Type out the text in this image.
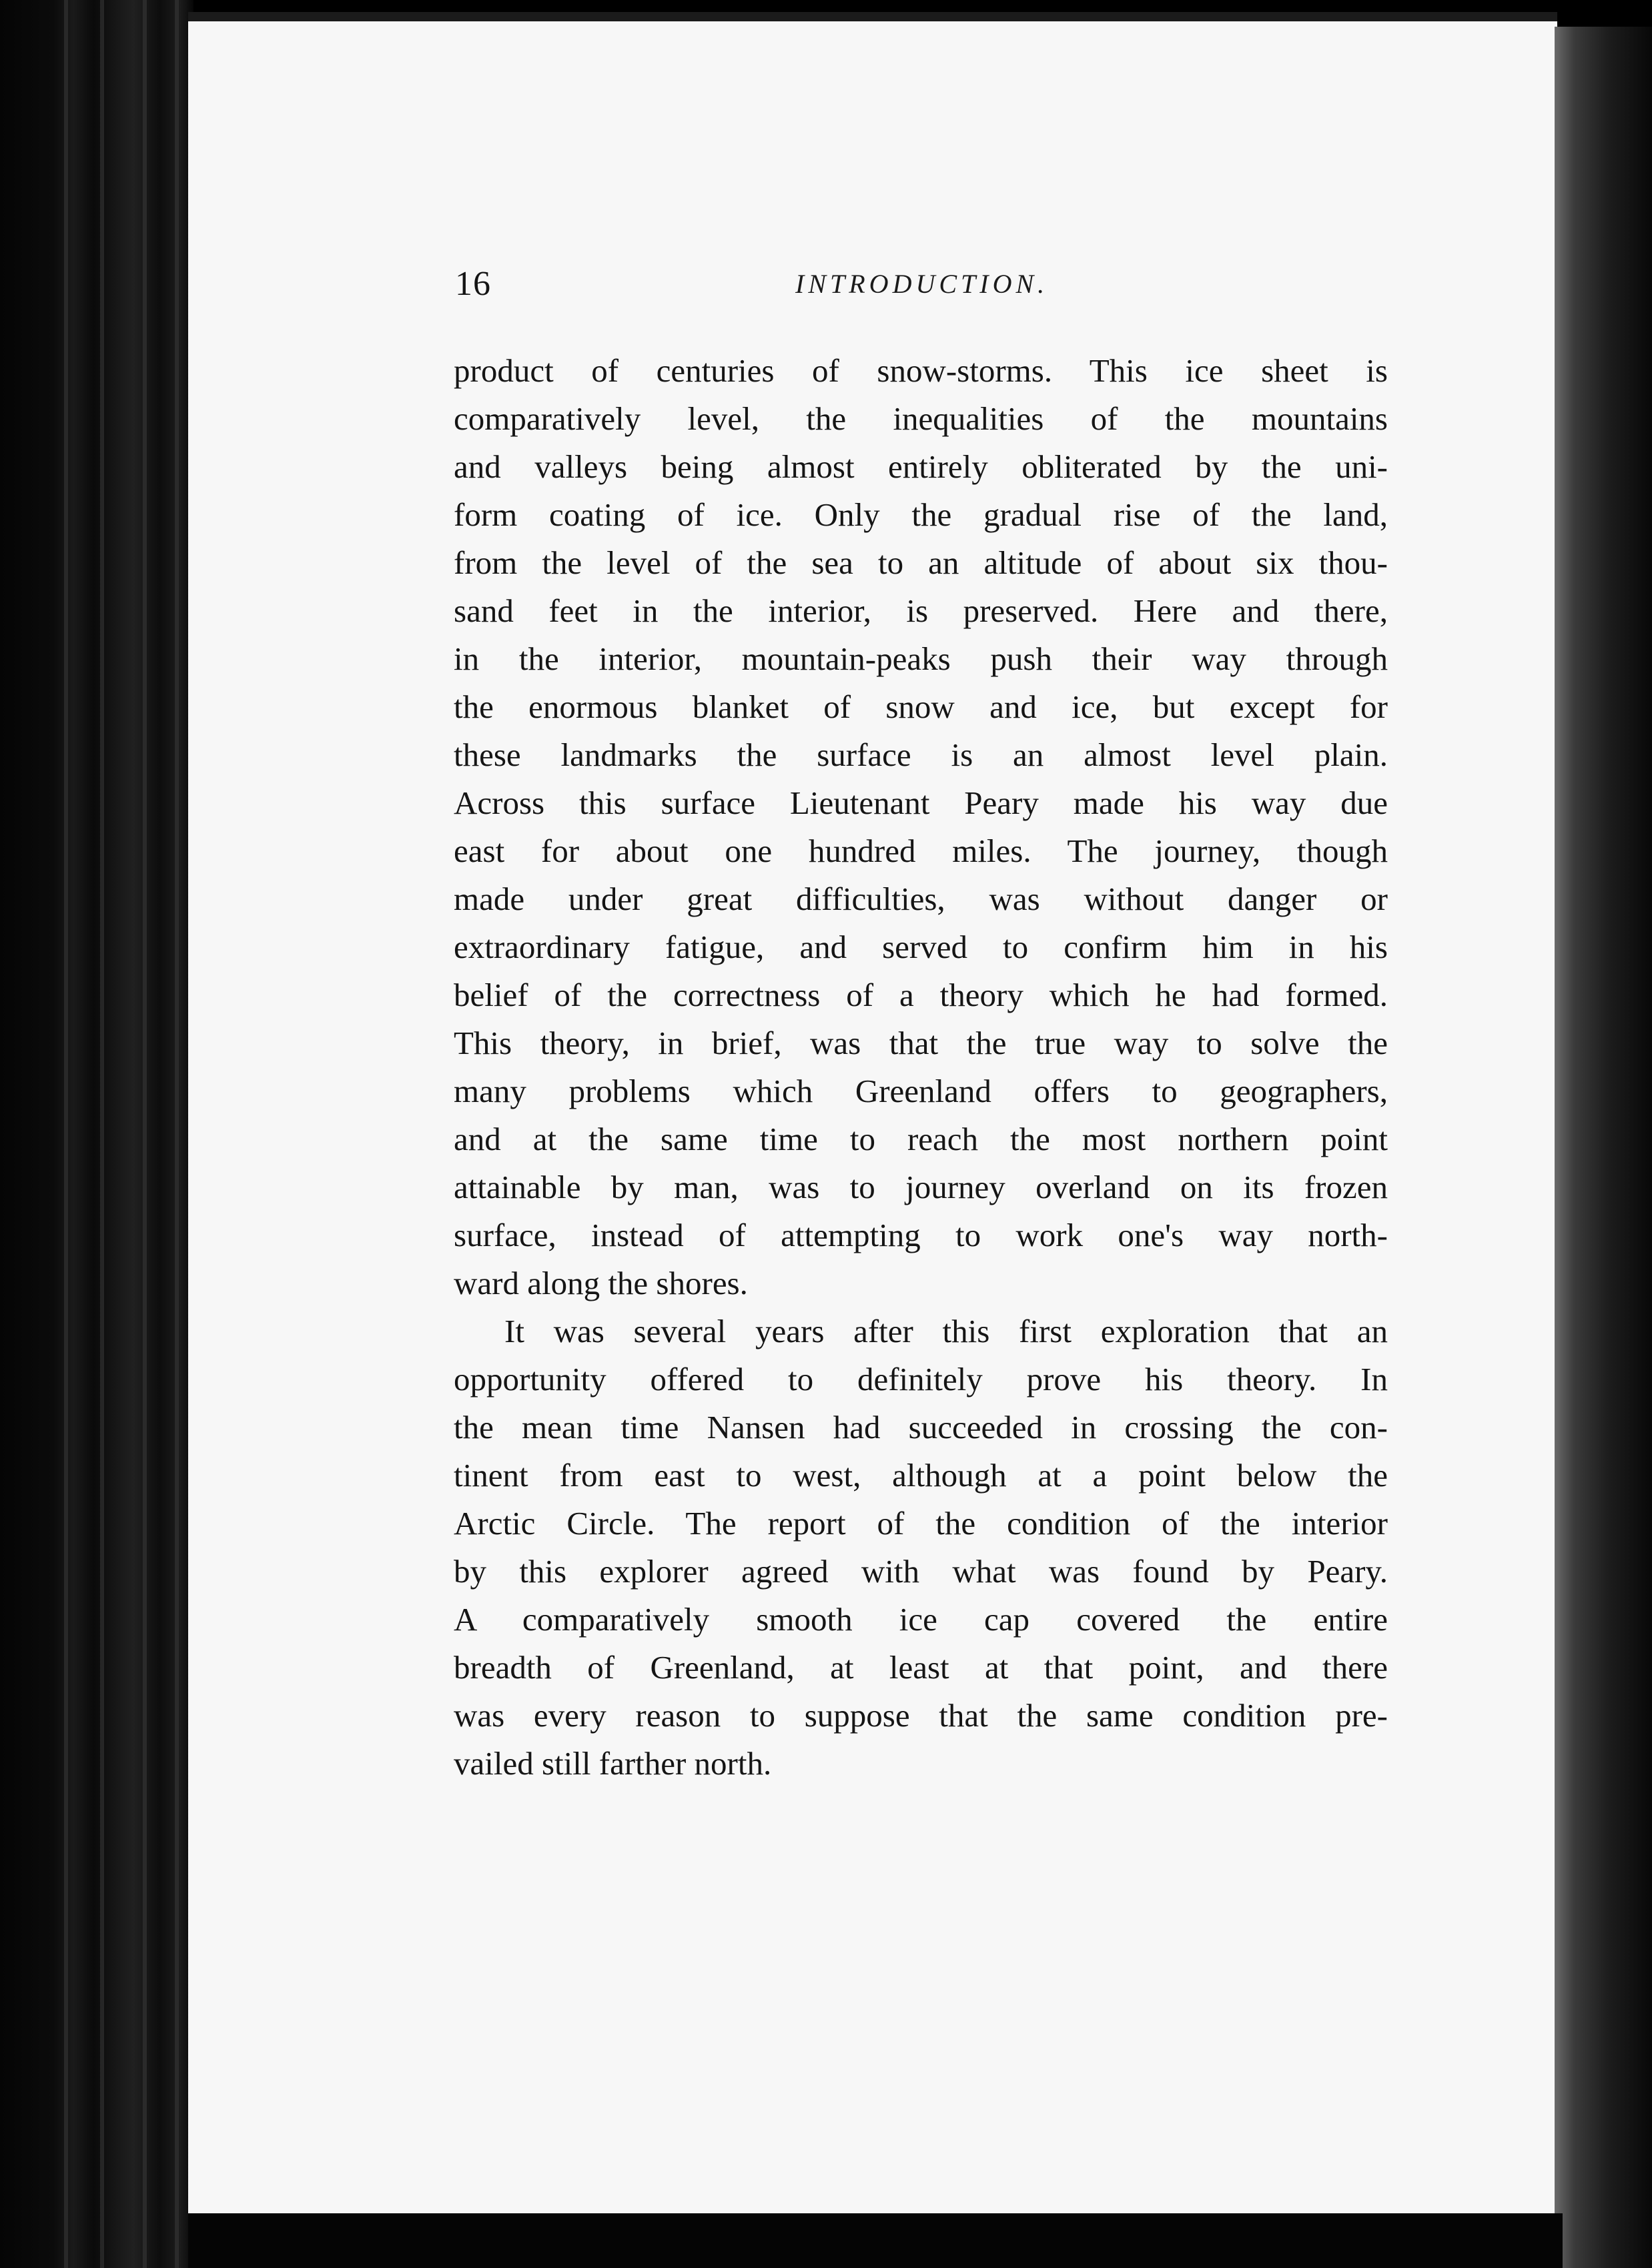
16	INTRODUCTION.
product of centuries of snow-storms. This ice sheet is
comparatively level, the inequalities of the mountains
and valleys being almost entirely obliterated by the uni-
form coating of ice. Only the gradual rise of the land,
from the level of the sea to an altitude of about six thou-
sand feet in the interior, is preserved. Here and there,
in the interior, mountain-peaks push their way through
the enormous blanket of snow and ice, but except for
these landmarks the surface is an almost level plain.
Across this surface Lieutenant Peary made his way due
east for about one hundred miles. The journey, though
made under great difficulties, was without danger or
extraordinary fatigue, and served to confirm him in his
belief of the correctness of a theory which he had formed.
This theory, in brief, was that the true way to solve the
many problems which Greenland offers to geographers,
and at the same time to reach the most northern point
attainable by man, was to journey overland on its frozen
surface, instead of attempting to work one's way north-
ward along the shores.
It was several years after this first exploration that an
opportunity offered to definitely prove his theory. In
the mean time Nansen had succeeded in crossing the con-
tinent from east to west, although at a point below the
Arctic Circle. The report of the condition of the interior
by this explorer agreed with what was found by Peary.
A comparatively smooth ice cap covered the entire
breadth of Greenland, at least at that point, and there
was every reason to suppose that the same condition pre-
vailed still farther north.
